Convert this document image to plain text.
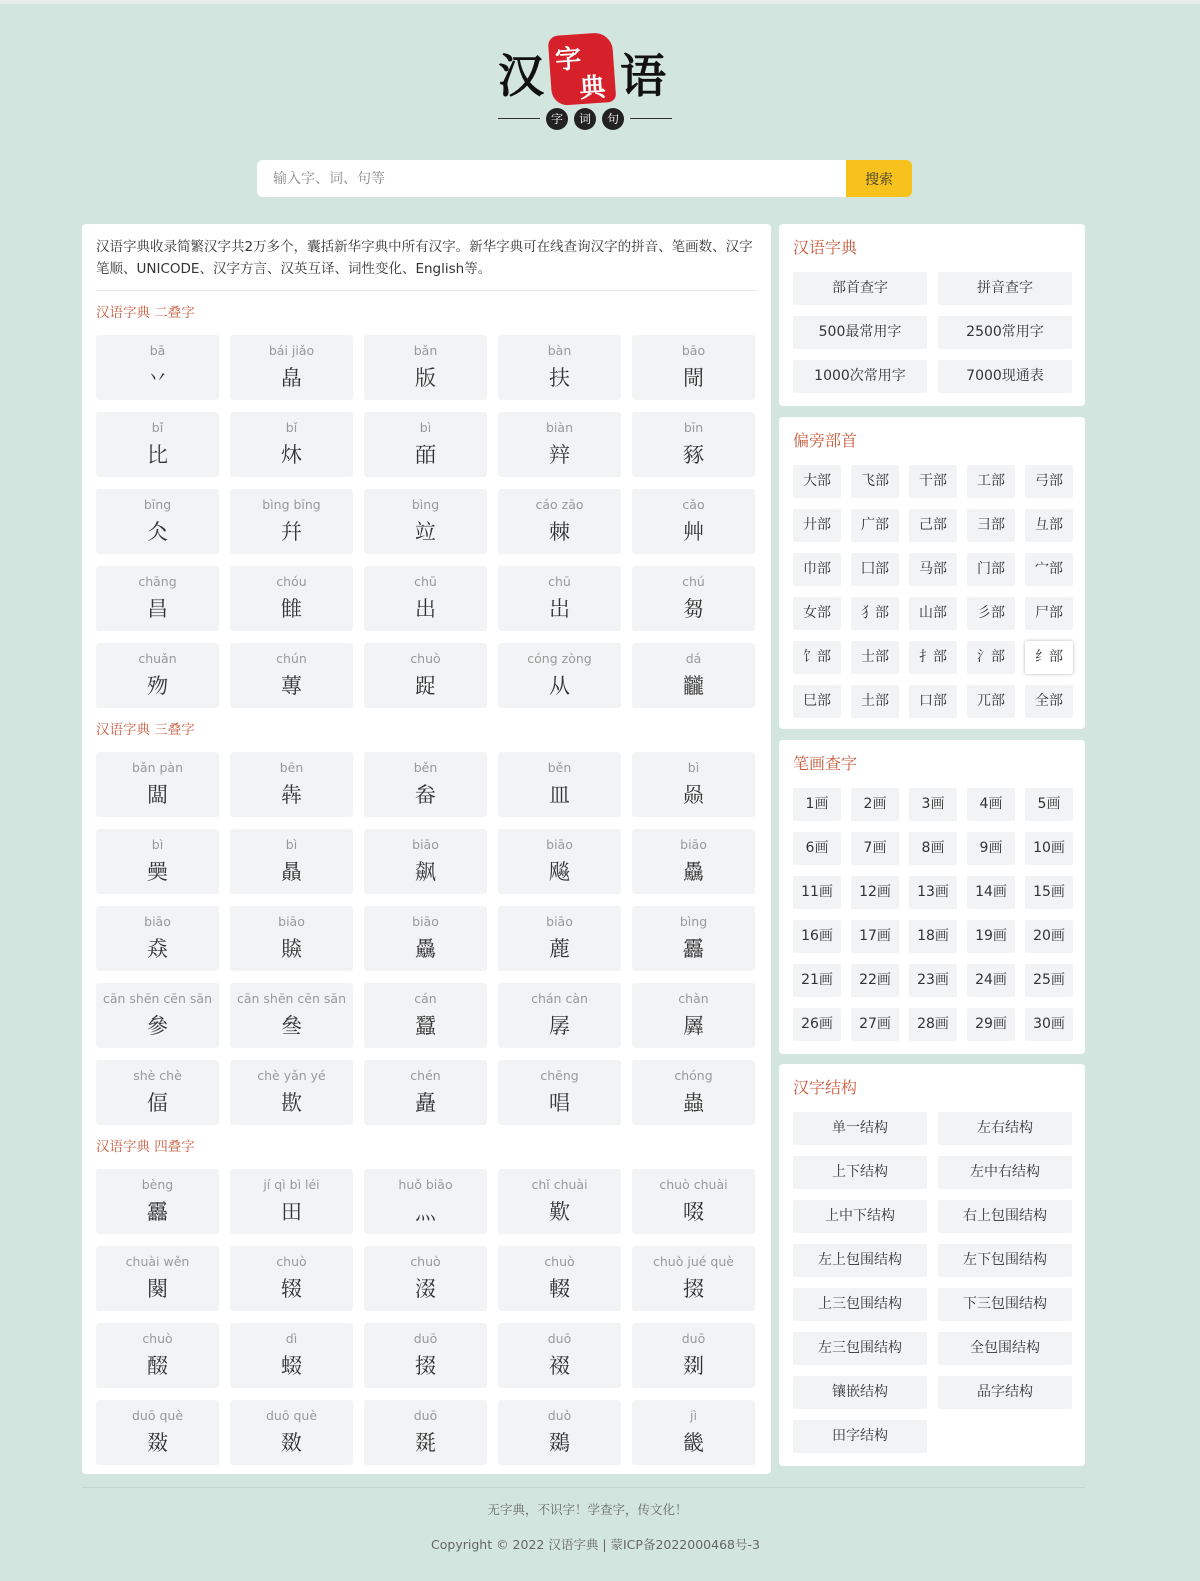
汉 字
典 语
字	词	句
输入字、词、句等
搜索

汉语字典收录简繁汉字共2万多个，囊括新华字典中所有汉字。新华字典可在线查询汉字的拼音、笔画数、汉字笔顺、UNICODE、汉字方言、汉英互译、词性变化、English等。

汉语字典 二叠字
bā
丷
bái jiǎo
皛
bǎn
版
bàn
扶
bāo
閜
bǐ
比
bǐ
炑
bì
皕
biàn
辡
bīn
豩
bīng
仌
bìng bīng
幷
bìng
竝
cáo zāo
棘
cǎo
艸
chāng
昌
chóu
雔
chū
出
chū
岀
chú
芻
chuǎn
歾
chún
蓴
chuò
踀
cóng zòng
从
dá
龖
汉语字典 三叠字
bǎn pàn
闆
bēn
犇
běn
畚
běn
皿
bì
赑
bì
奰
bì
贔
biāo
飙
biāo
飚
biāo
驫
biāo
猋
biāo
贆
biāo
驫
biāo
蔍
bìng
靐
cān shēn cēn sān
參
cān shēn cēn sān
叄
cán
蠶
chán càn
孱
chàn
羼
shè chè
偪
chè yǎn yé
歁
chén
矗
chēng
唱
chóng
蟲
汉语字典 四叠字
bèng
靐
jí qì bì léi
田
huǒ biāo
灬
chǐ chuài
歎
chuò chuài
啜
chuài wěn
闋
chuò
辍
chuò
涰
chuò
輟
chuò jué què
掇
chuò
醊
dì
蝃
duō
掇
duō
裰
duō
剟
duō què
敠
duō què
敪
duō
毲
duò
鵽
jì
畿
汉语字典
部首查字	拼音查字
500最常用字	2500常用字
1000次常用字	7000现通表
偏旁部首
大部	飞部	干部	工部	弓部
廾部	广部	己部	彐部	彑部
巾部	囗部	马部	门部	宀部
女部	犭部	山部	彡部	尸部
饣部	士部	扌部	氵部	纟部
巳部	土部	口部	兀部	全部
笔画查字
1画	2画	3画	4画	5画
6画	7画	8画	9画	10画
11画	12画	13画	14画	15画
16画	17画	18画	19画	20画
21画	22画	23画	24画	25画
26画	27画	28画	29画	30画
汉字结构
单一结构	左右结构
上下结构	左中右结构
上中下结构	右上包围结构
左上包围结构	左下包围结构
上三包围结构	下三包围结构
左三包围结构	全包围结构
镶嵌结构	品字结构
田字结构
无字典，不识字！学查字，传文化！
Copyright © 2022 汉语字典 | 蒙ICP备2022000468号-3
